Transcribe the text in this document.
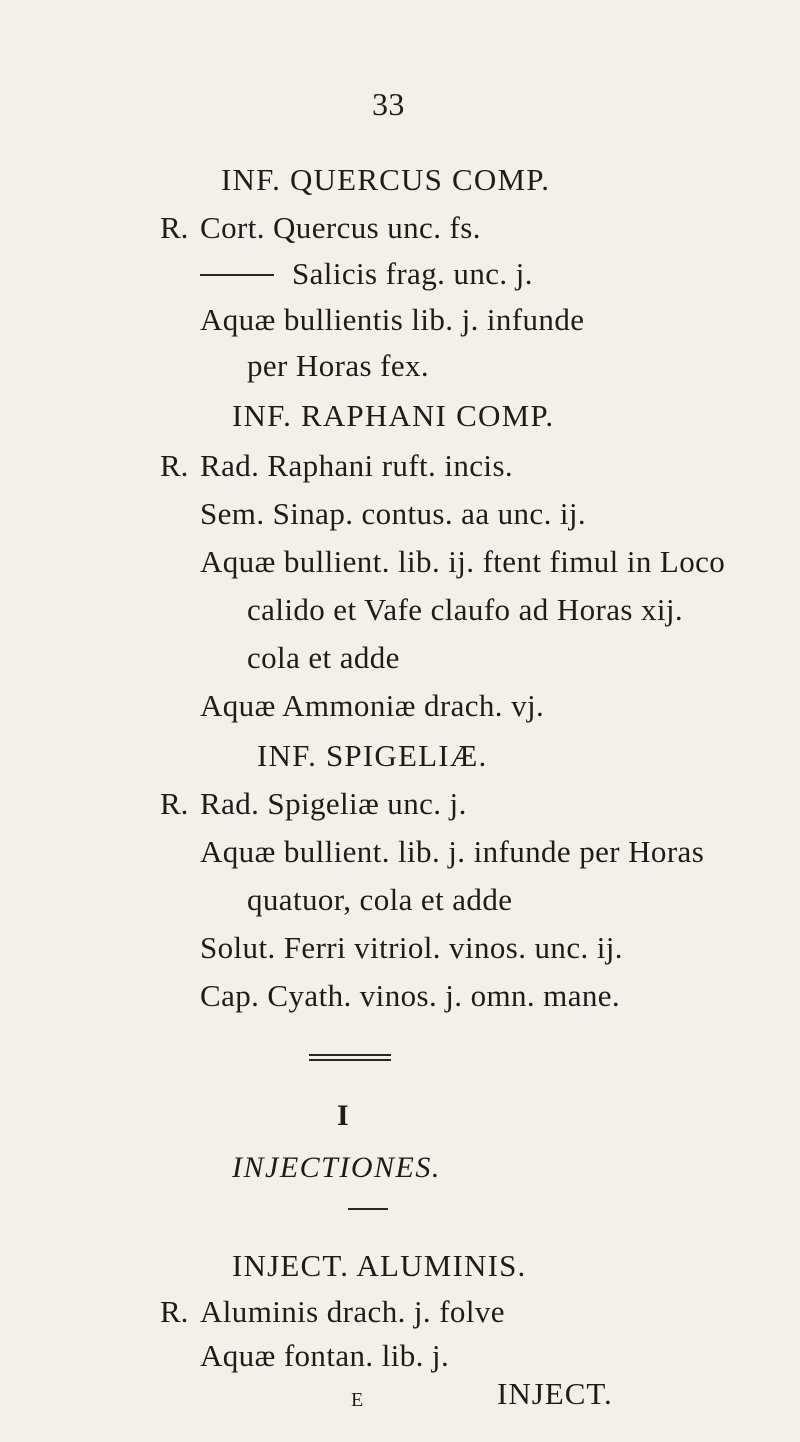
33
INF. QUERCUS COMP.
R. Cort. Quercus unc. fs.
Salicis frag. unc. j.
Aquæ bullientis lib. j. infunde
per Horas fex.
INF. RAPHANI COMP.
R. Rad. Raphani ruft. incis.
Sem. Sinap. contus. aa unc. ij.
Aquæ bullient. lib. ij. ftent fimul in Loco
calido et Vafe claufo ad Horas xij.
cola et adde
Aquæ Ammoniæ drach. vj.
INF. SPIGELIÆ.
R. Rad. Spigeliæ unc. j.
Aquæ bullient. lib. j. infunde per Horas
quatuor, cola et adde
Solut. Ferri vitriol. vinos. unc. ij.
Cap. Cyath. vinos. j. omn. mane.
I
INJECTIONES.
INJECT. ALUMINIS.
R. Aluminis drach. j. folve
Aquæ fontan. lib. j.
E	INJECT.
